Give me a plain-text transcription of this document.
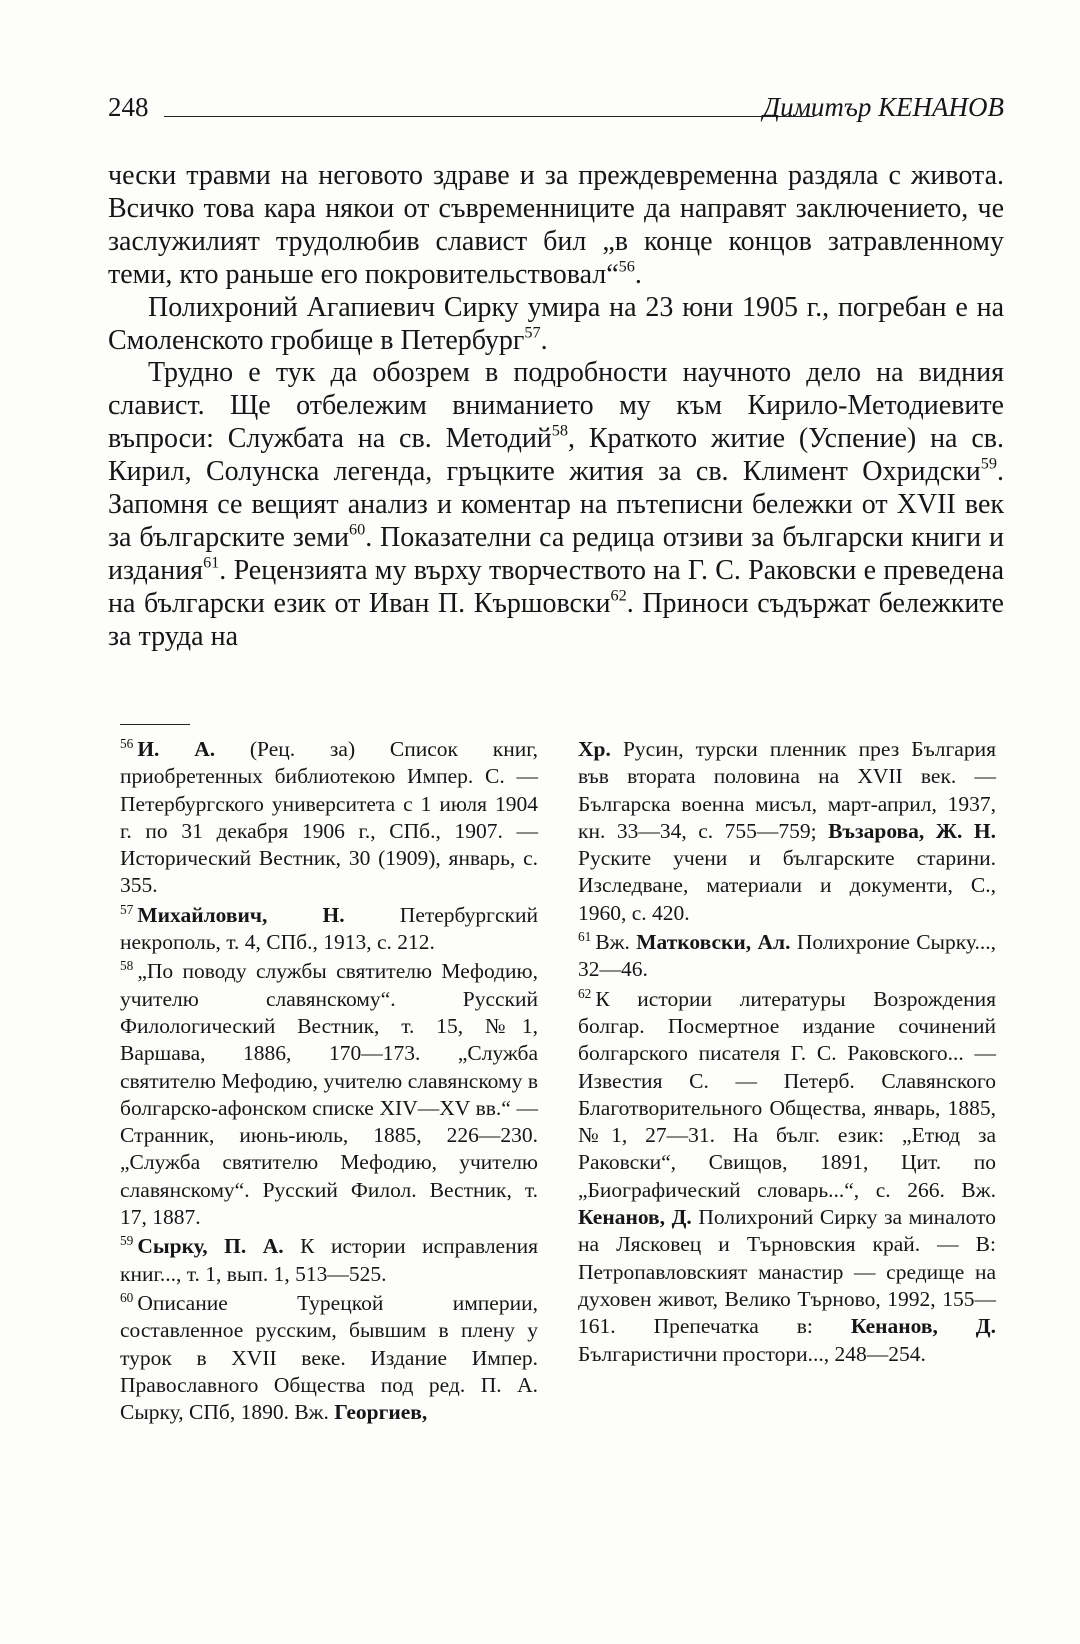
248	Димитър КЕНАНОВ

чески травми на неговото здраве и за преждевременна раздяла с живота. Всичко това кара някои от съвременниците да направят заключението, че заслужилият трудолюбив славист бил „в конце концов затравленному теми, кто раньше его покровительствовал“$^{56}$.

Полихроний Агапиевич Сирку умира на 23 юни 1905 г., погребан е на Смоленското гробище в Петербург$^{57}$.

Трудно е тук да обозрем в подробности научното дело на видния славист. Ще отбележим вниманието му към Кирило-Методиевите въпроси: Службата на св. Методий$^{58}$, Краткото житие (Успение) на св. Кирил, Солунска легенда, гръцките жития за св. Климент Охридски$^{59}$. Запомня се вещият анализ и коментар на пътеписни бележки от XVII век за българските земи$^{60}$. Показателни са редица отзиви за български книги и издания$^{61}$. Рецензията му върху творчеството на Г. С. Раковски е преведена на български език от Иван П. Кършовски$^{62}$. Приноси съдържат бележките за труда на

$^{56}$ И. А. (Рец. за) Список книг, приобретенных библиотекою Импер. С. — Петербургского университета с 1 июля 1904 г. по 31 декабря 1906 г., СПб., 1907. — Исторический Вестник, 30 (1909), январь, с. 355.

$^{57}$ Михайлович, Н. Петербургский некрополь, т. 4, СПб., 1913, с. 212.

$^{58}$ „По поводу службы святителю Мефодию, учителю славянскому“. Русский Филологический Вестник, т. 15, №1, Варшава, 1886, 170—173. „Служба святителю Мефодию, учителю славянскому в болгарско-афонском списке XIV—XV вв.“ — Странник, июнь-июль, 1885, 226—230. „Служба святителю Мефодию, учителю славянскому“. Русский Филол. Вестник, т. 17, 1887.

$^{59}$ Сырку, П. А. К истории исправления книг..., т. 1, вып. 1, 513—525.

$^{60}$ Описание Турецкой империи, составленное русским, бывшим в плену у турок в XVII веке. Издание Импер. Православного Общества под ред. П. А. Сырку, СПб, 1890. Вж. Георгиев,

Хр. Русин, турски пленник през България във втората половина на XVII век. — Българска военна мисъл, март-април, 1937, кн. 33—34, с. 755—759; Възарова, Ж. Н. Руските учени и българските старини. Изследване, материали и документи, С., 1960, с. 420.

$^{61}$ Вж. Матковски, Ал. Полихроние Сырку..., 32—46.

$^{62}$ К истории литературы Возрождения болгар. Посмертное издание сочинений болгарского писателя Г. С. Раковского... — Известия С. — Петерб. Славянского Благотворительного Общества, январь, 1885, №1, 27—31. На бълг. език: „Етюд за Раковски“, Свищов, 1891, Цит. по „Биографический словарь...“, с. 266. Вж. Кенанов, Д. Полихроний Сирку за миналото на Лясковец и Търновския край. — В: Петропавловският манастир — средище на духовен живот, Велико Търново, 1992, 155—161. Препечатка в: Кенанов, Д. Българистични простори..., 248—254.
